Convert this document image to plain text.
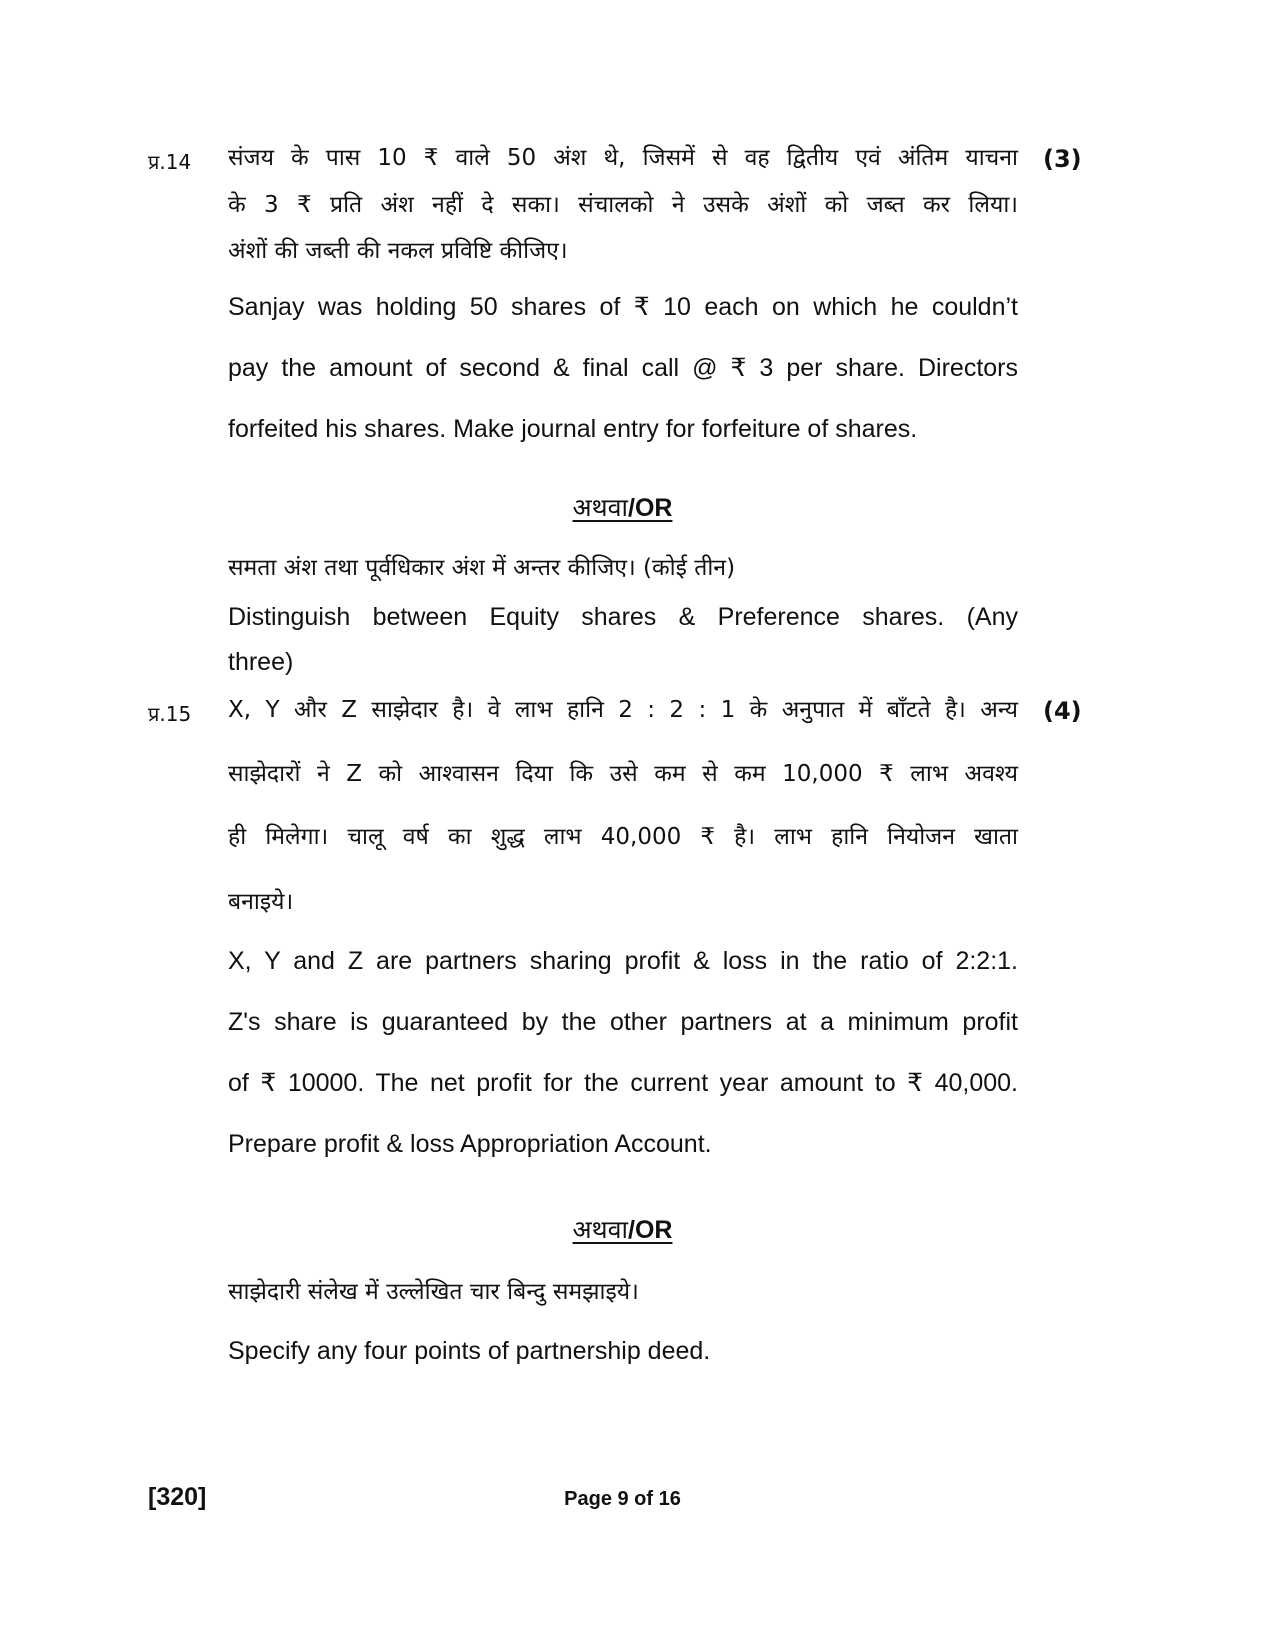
प्र.14	(3)
संजय के पास 10 ₹ वाले 50 अंश थे, जिसमें से वह द्वितीय एवं अंतिम याचना
के 3 ₹ प्रति अंश नहीं दे सका। संचालको ने उसके अंशों को जब्त कर लिया।
अंशों की जब्ती की नकल प्रविष्टि कीजिए।
Sanjay was holding 50 shares of ₹ 10 each on which he couldn’t
pay the amount of second & final call @ ₹ 3 per share. Directors
forfeited his shares. Make journal entry for forfeiture of shares.
अथवा/OR
समता अंश तथा पूर्वधिकार अंश में अन्तर कीजिए। (कोई तीन)
Distinguish between Equity shares & Preference shares. (Any
three)
प्र.15	(4)
X, Y और Z साझेदार है। वे लाभ हानि 2 : 2 : 1 के अनुपात में बाँटते है। अन्य
साझेदारों ने Z को आश्वासन दिया कि उसे कम से कम 10,000 ₹ लाभ अवश्य
ही मिलेगा। चालू वर्ष का शुद्ध लाभ 40,000 ₹ है। लाभ हानि नियोजन खाता
बनाइये।
X, Y and Z are partners sharing profit & loss in the ratio of 2:2:1.
Z's share is guaranteed by the other partners at a minimum profit
of ₹ 10000. The net profit for the current year amount to ₹ 40,000.
Prepare profit & loss Appropriation Account.
अथवा/OR
साझेदारी संलेख में उल्लेखित चार बिन्दु समझाइये।
Specify any four points of partnership deed.
[320]	Page 9 of 16
